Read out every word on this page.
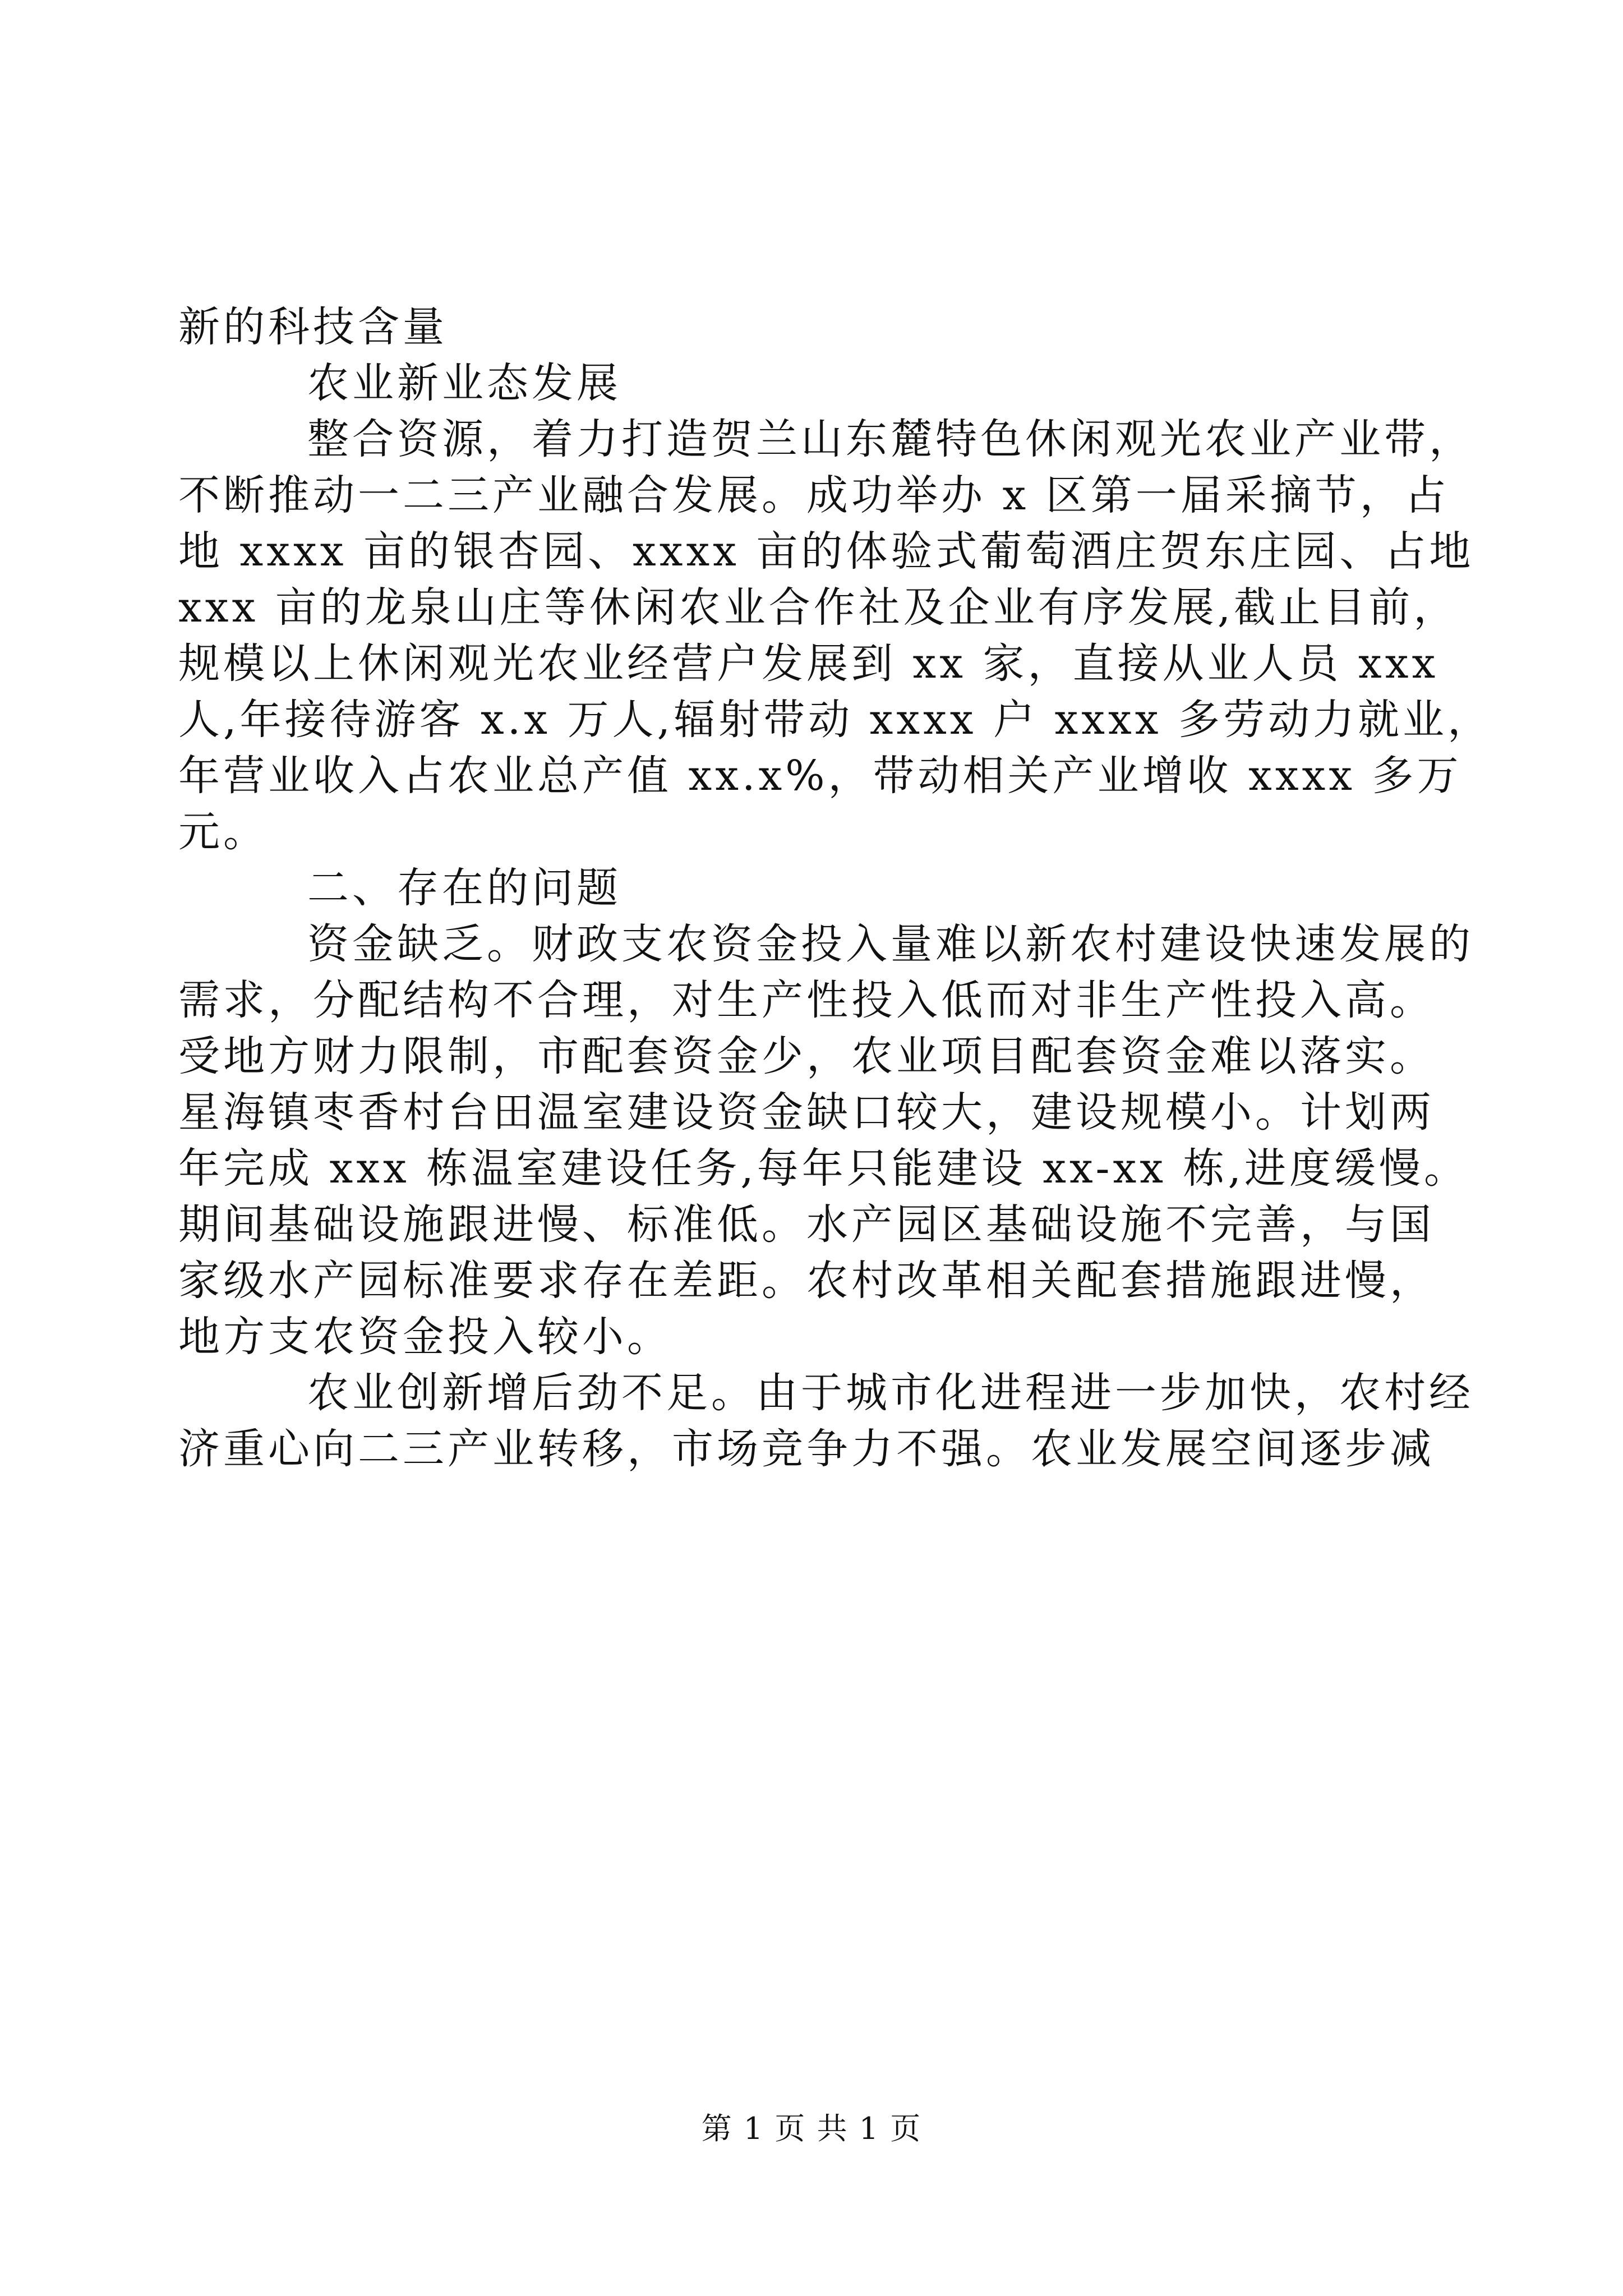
新的科技含量
农业新业态发展
整合资源，着力打造贺兰山东麓特色休闲观光农业产业带，
不断推动一二三产业融合发展。成功举办 x 区第一届采摘节，占
地 xxxx 亩的银杏园、xxxx 亩的体验式葡萄酒庄贺东庄园、占地
xxx 亩的龙泉山庄等休闲农业合作社及企业有序发展,截止目前，
规模以上休闲观光农业经营户发展到 xx 家，直接从业人员 xxx
人,年接待游客 x.x 万人,辐射带动 xxxx 户 xxxx 多劳动力就业，
年营业收入占农业总产值 xx.x%，带动相关产业增收 xxxx 多万
元。
二、存在的问题
资金缺乏。财政支农资金投入量难以新农村建设快速发展的
需求，分配结构不合理，对生产性投入低而对非生产性投入高。
受地方财力限制，市配套资金少，农业项目配套资金难以落实。
星海镇枣香村台田温室建设资金缺口较大，建设规模小。计划两
年完成 xxx 栋温室建设任务,每年只能建设 xx-xx 栋,进度缓慢。
期间基础设施跟进慢、标准低。水产园区基础设施不完善，与国
家级水产园标准要求存在差距。农村改革相关配套措施跟进慢，
地方支农资金投入较小。
农业创新增后劲不足。由于城市化进程进一步加快，农村经
济重心向二三产业转移，市场竞争力不强。农业发展空间逐步减
第 1 页 共 1 页
